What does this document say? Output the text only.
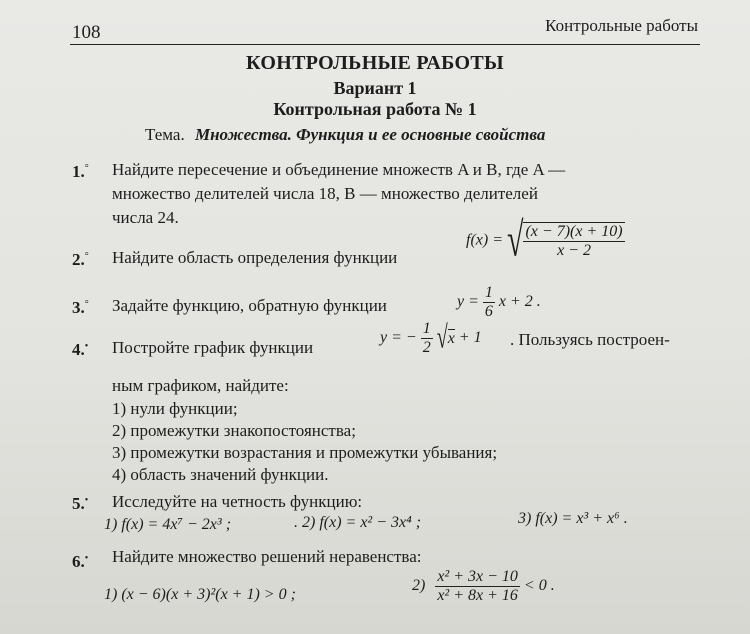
108	Контрольные работы
КОНТРОЛЬНЫЕ РАБОТЫ
Вариант 1
Контрольная работа № 1
Тема. Множества. Функция и ее основные свойства
1.° Найдите пересечение и объединение множеств A и B, где A —
множество делителей числа 18, B — множество делителей
числа 24.
2.° Найдите область определения функции
f(x) = √ $\frac{(x - 7)(x + 10)}{x - 2}$
3.° Задайте функцию, обратную функции	$y = \frac{1}{6}$ x + 2 .
4.• Постройте график функции
y = − $\frac{1}{2} √x + 1$ . Пользуясь построен-
ным графиком, найдите:
1) нули функции;
2) промежутки знакопостоянства;
3) промежутки возрастания и промежутки убывания;
4) область значений функции.
5.• Исследуйте на четность функцию:
1) f(x) = 4x⁷ − 2x³ ;	. 2) f(x) = x² − 3x⁴ ;	3) f(x) = x³ + x⁶ .
6.• Найдите множество решений неравенства:
1) (x − 6)(x + 3)²(x + 1) > 0 ;
$2) \frac{\text{x² + 3x − 10}}{\text{x² + 8x + 16}} < 0$ .
